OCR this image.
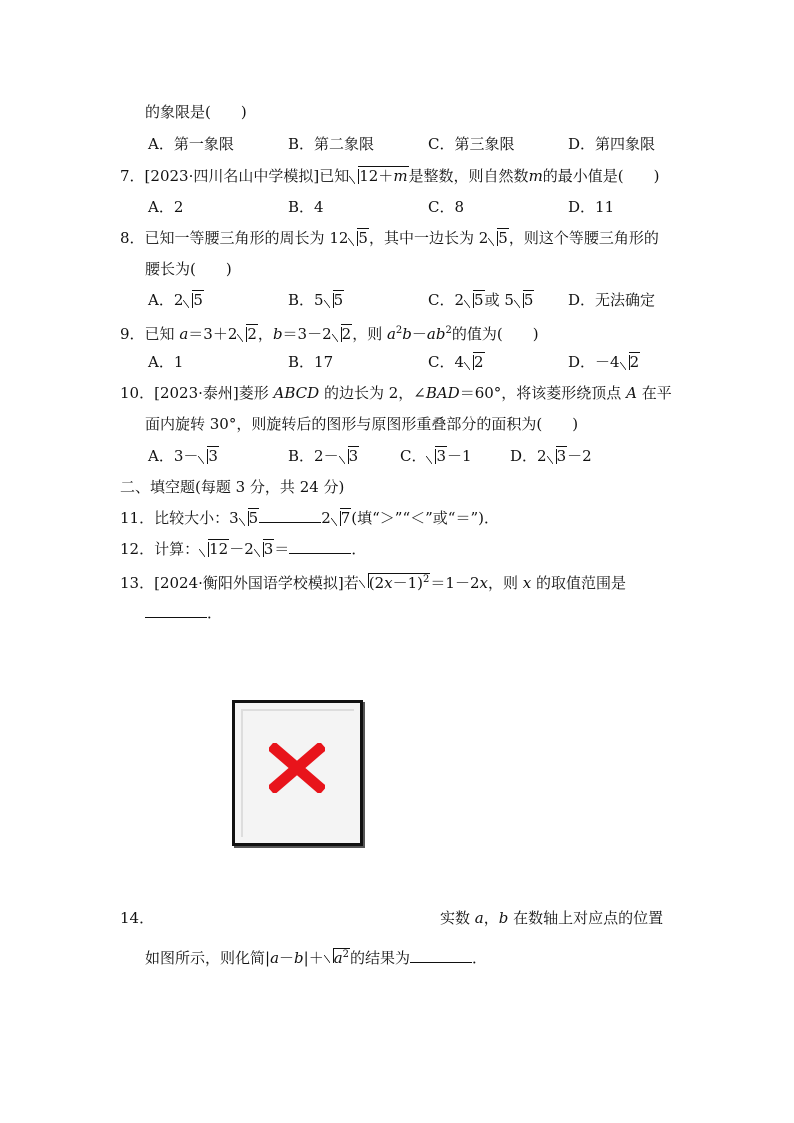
的象限是(　　)
A．第一象限	B．第二象限	C．第三象限	D．第四象限
7．[2023·四川名山中学模拟]已知 12＋m是整数，则自然数m的最小值是(　　)
A．2	B．4	C．8	D．11
8．已知一等腰三角形的周长为 12 5，其中一边长为 2 5，则这个等腰三角形的
腰长为(　　)
A．2 5	B．5 5	C．2 5或 5 5 D．无法确定
9．已知 a＝3＋2 2，b＝3－2 2，则 $a^2b-ab^2$的值为(　　)
A．1	B．17	C．4 2	D．－4 2
10．[2023·泰州]菱形 ABCD 的边长为 2，∠BAD＝60°，将该菱形绕顶点 A 在平
面内旋转 30°，则旋转后的图形与原图形重叠部分的面积为(　　)
A．3－ 3	B．2－ 3	C． 3－1	D．2 3－2
二、填空题(每题 3 分，共 24 分)
11．比较大小：3 5	2 7(填“＞”“＜”或“＝”)．
12．计算： 12－2 3＝	．
13．[2024·衡阳外国语学校模拟]若 $(2x-1)^2=1-2x$，则 x 的取值范围是
．
14．	实数 a，b 在数轴上对应点的位置
如图所示，则化简$|a-b|+ a^2$的结果为	．
